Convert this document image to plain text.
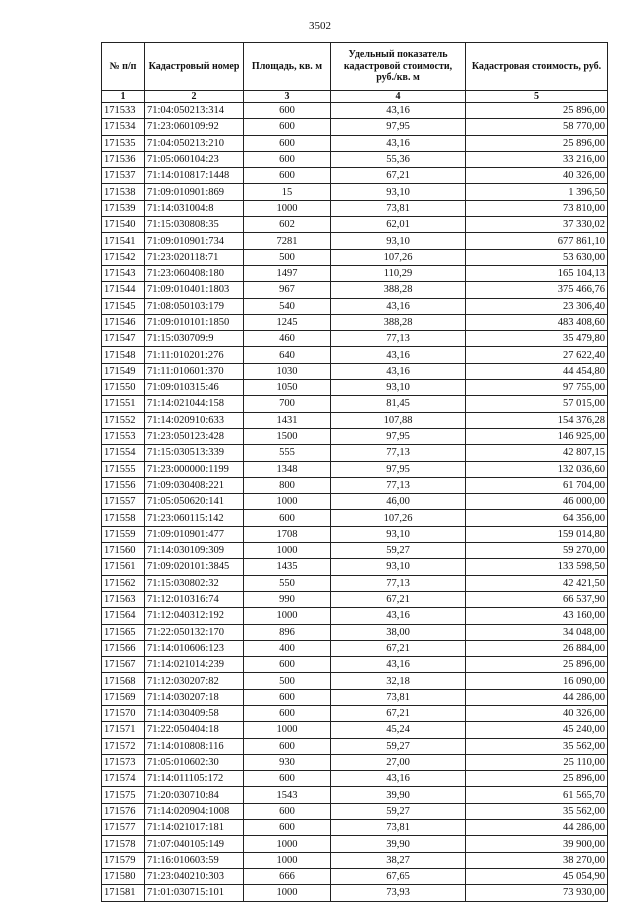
3502
№ п/п	Кадастровый номер	Площадь, кв. м	Удельный показатель кадастровой стоимости, руб./кв. м	Кадастровая стоимость, руб.
1	2	3	4	5
171533	71:04:050213:314	600	43,16	25 896,00
171534	71:23:060109:92	600	97,95	58 770,00
171535	71:04:050213:210	600	43,16	25 896,00
171536	71:05:060104:23	600	55,36	33 216,00
171537	71:14:010817:1448	600	67,21	40 326,00
171538	71:09:010901:869	15	93,10	1 396,50
171539	71:14:031004:8	1000	73,81	73 810,00
171540	71:15:030808:35	602	62,01	37 330,02
171541	71:09:010901:734	7281	93,10	677 861,10
171542	71:23:020118:71	500	107,26	53 630,00
171543	71:23:060408:180	1497	110,29	165 104,13
171544	71:09:010401:1803	967	388,28	375 466,76
171545	71:08:050103:179	540	43,16	23 306,40
171546	71:09:010101:1850	1245	388,28	483 408,60
171547	71:15:030709:9	460	77,13	35 479,80
171548	71:11:010201:276	640	43,16	27 622,40
171549	71:11:010601:370	1030	43,16	44 454,80
171550	71:09:010315:46	1050	93,10	97 755,00
171551	71:14:021044:158	700	81,45	57 015,00
171552	71:14:020910:633	1431	107,88	154 376,28
171553	71:23:050123:428	1500	97,95	146 925,00
171554	71:15:030513:339	555	77,13	42 807,15
171555	71:23:000000:1199	1348	97,95	132 036,60
171556	71:09:030408:221	800	77,13	61 704,00
171557	71:05:050620:141	1000	46,00	46 000,00
171558	71:23:060115:142	600	107,26	64 356,00
171559	71:09:010901:477	1708	93,10	159 014,80
171560	71:14:030109:309	1000	59,27	59 270,00
171561	71:09:020101:3845	1435	93,10	133 598,50
171562	71:15:030802:32	550	77,13	42 421,50
171563	71:12:010316:74	990	67,21	66 537,90
171564	71:12:040312:192	1000	43,16	43 160,00
171565	71:22:050132:170	896	38,00	34 048,00
171566	71:14:010606:123	400	67,21	26 884,00
171567	71:14:021014:239	600	43,16	25 896,00
171568	71:12:030207:82	500	32,18	16 090,00
171569	71:14:030207:18	600	73,81	44 286,00
171570	71:14:030409:58	600	67,21	40 326,00
171571	71:22:050404:18	1000	45,24	45 240,00
171572	71:14:010808:116	600	59,27	35 562,00
171573	71:05:010602:30	930	27,00	25 110,00
171574	71:14:011105:172	600	43,16	25 896,00
171575	71:20:030710:84	1543	39,90	61 565,70
171576	71:14:020904:1008	600	59,27	35 562,00
171577	71:14:021017:181	600	73,81	44 286,00
171578	71:07:040105:149	1000	39,90	39 900,00
171579	71:16:010603:59	1000	38,27	38 270,00
171580	71:23:040210:303	666	67,65	45 054,90
171581	71:01:030715:101	1000	73,93	73 930,00
